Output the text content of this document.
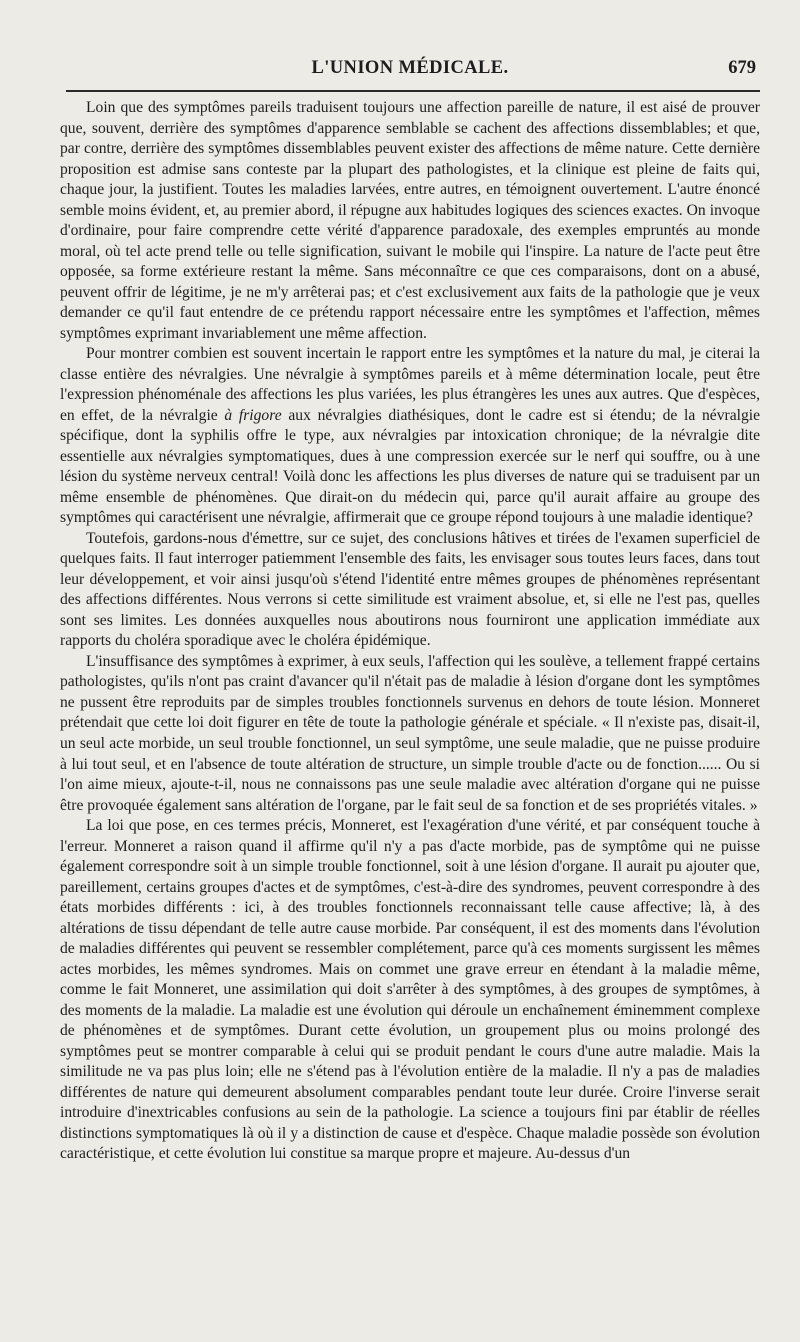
L'UNION MÉDICALE.	679

Loin que des symptômes pareils traduisent toujours une affection pareille de nature, il est aisé de prouver que, souvent, derrière des symptômes d'apparence semblable se cachent des affections dissemblables; et que, par contre, derrière des symptômes dissemblables peuvent exister des affections de même nature. Cette dernière proposition est admise sans conteste par la plupart des pathologistes, et la clinique est pleine de faits qui, chaque jour, la justifient. Toutes les maladies larvées, entre autres, en témoignent ouvertement. L'autre énoncé semble moins évident, et, au premier abord, il répugne aux habitudes logiques des sciences exactes. On invoque d'ordinaire, pour faire comprendre cette vérité d'apparence paradoxale, des exemples empruntés au monde moral, où tel acte prend telle ou telle signification, suivant le mobile qui l'inspire. La nature de l'acte peut être opposée, sa forme extérieure restant la même. Sans méconnaître ce que ces comparaisons, dont on a abusé, peuvent offrir de légitime, je ne m'y arrêterai pas; et c'est exclusivement aux faits de la pathologie que je veux demander ce qu'il faut entendre de ce prétendu rapport nécessaire entre les symptômes et l'affection, mêmes symptômes exprimant invariablement une même affection.

Pour montrer combien est souvent incertain le rapport entre les symptômes et la nature du mal, je citerai la classe entière des névralgies. Une névralgie à symptômes pareils et à même détermination locale, peut être l'expression phénoménale des affections les plus variées, les plus étrangères les unes aux autres. Que d'espèces, en effet, de la névralgie à frigore aux névralgies diathésiques, dont le cadre est si étendu; de la névralgie spécifique, dont la syphilis offre le type, aux névralgies par intoxication chronique; de la névralgie dite essentielle aux névralgies symptomatiques, dues à une compression exercée sur le nerf qui souffre, ou à une lésion du système nerveux central! Voilà donc les affections les plus diverses de nature qui se traduisent par un même ensemble de phénomènes. Que dirait-on du médecin qui, parce qu'il aurait affaire au groupe des symptômes qui caractérisent une névralgie, affirmerait que ce groupe répond toujours à une maladie identique?

Toutefois, gardons-nous d'émettre, sur ce sujet, des conclusions hâtives et tirées de l'examen superficiel de quelques faits. Il faut interroger patiemment l'ensemble des faits, les envisager sous toutes leurs faces, dans tout leur développement, et voir ainsi jusqu'où s'étend l'identité entre mêmes groupes de phénomènes représentant des affections différentes. Nous verrons si cette similitude est vraiment absolue, et, si elle ne l'est pas, quelles sont ses limites. Les données auxquelles nous aboutirons nous fourniront une application immédiate aux rapports du choléra sporadique avec le choléra épidémique.

L'insuffisance des symptômes à exprimer, à eux seuls, l'affection qui les soulève, a tellement frappé certains pathologistes, qu'ils n'ont pas craint d'avancer qu'il n'était pas de maladie à lésion d'organe dont les symptômes ne pussent être reproduits par de simples troubles fonctionnels survenus en dehors de toute lésion. Monneret prétendait que cette loi doit figurer en tête de toute la pathologie générale et spéciale. « Il n'existe pas, disait-il, un seul acte morbide, un seul trouble fonctionnel, un seul symptôme, une seule maladie, que ne puisse produire à lui tout seul, et en l'absence de toute altération de structure, un simple trouble d'acte ou de fonction...... Ou si l'on aime mieux, ajoute-t-il, nous ne connaissons pas une seule maladie avec altération d'organe qui ne puisse être provoquée également sans altération de l'organe, par le fait seul de sa fonction et de ses propriétés vitales. »

La loi que pose, en ces termes précis, Monneret, est l'exagération d'une vérité, et par conséquent touche à l'erreur. Monneret a raison quand il affirme qu'il n'y a pas d'acte morbide, pas de symptôme qui ne puisse également correspondre soit à un simple trouble fonctionnel, soit à une lésion d'organe. Il aurait pu ajouter que, pareillement, certains groupes d'actes et de symptômes, c'est-à-dire des syndromes, peuvent correspondre à des états morbides différents : ici, à des troubles fonctionnels reconnaissant telle cause affective; là, à des altérations de tissu dépendant de telle autre cause morbide. Par conséquent, il est des moments dans l'évolution de maladies différentes qui peuvent se ressembler complétement, parce qu'à ces moments surgissent les mêmes actes morbides, les mêmes syndromes. Mais on commet une grave erreur en étendant à la maladie même, comme le fait Monneret, une assimilation qui doit s'arrêter à des symptômes, à des groupes de symptômes, à des moments de la maladie. La maladie est une évolution qui déroule un enchaînement éminemment complexe de phénomènes et de symptômes. Durant cette évolution, un groupement plus ou moins prolongé des symptômes peut se montrer comparable à celui qui se produit pendant le cours d'une autre maladie. Mais la similitude ne va pas plus loin; elle ne s'étend pas à l'évolution entière de la maladie. Il n'y a pas de maladies différentes de nature qui demeurent absolument comparables pendant toute leur durée. Croire l'inverse serait introduire d'inextricables confusions au sein de la pathologie. La science a toujours fini par établir de réelles distinctions symptomatiques là où il y a distinction de cause et d'espèce. Chaque maladie possède son évolution caractéristique, et cette évolution lui constitue sa marque propre et majeure. Au-dessus d'un
